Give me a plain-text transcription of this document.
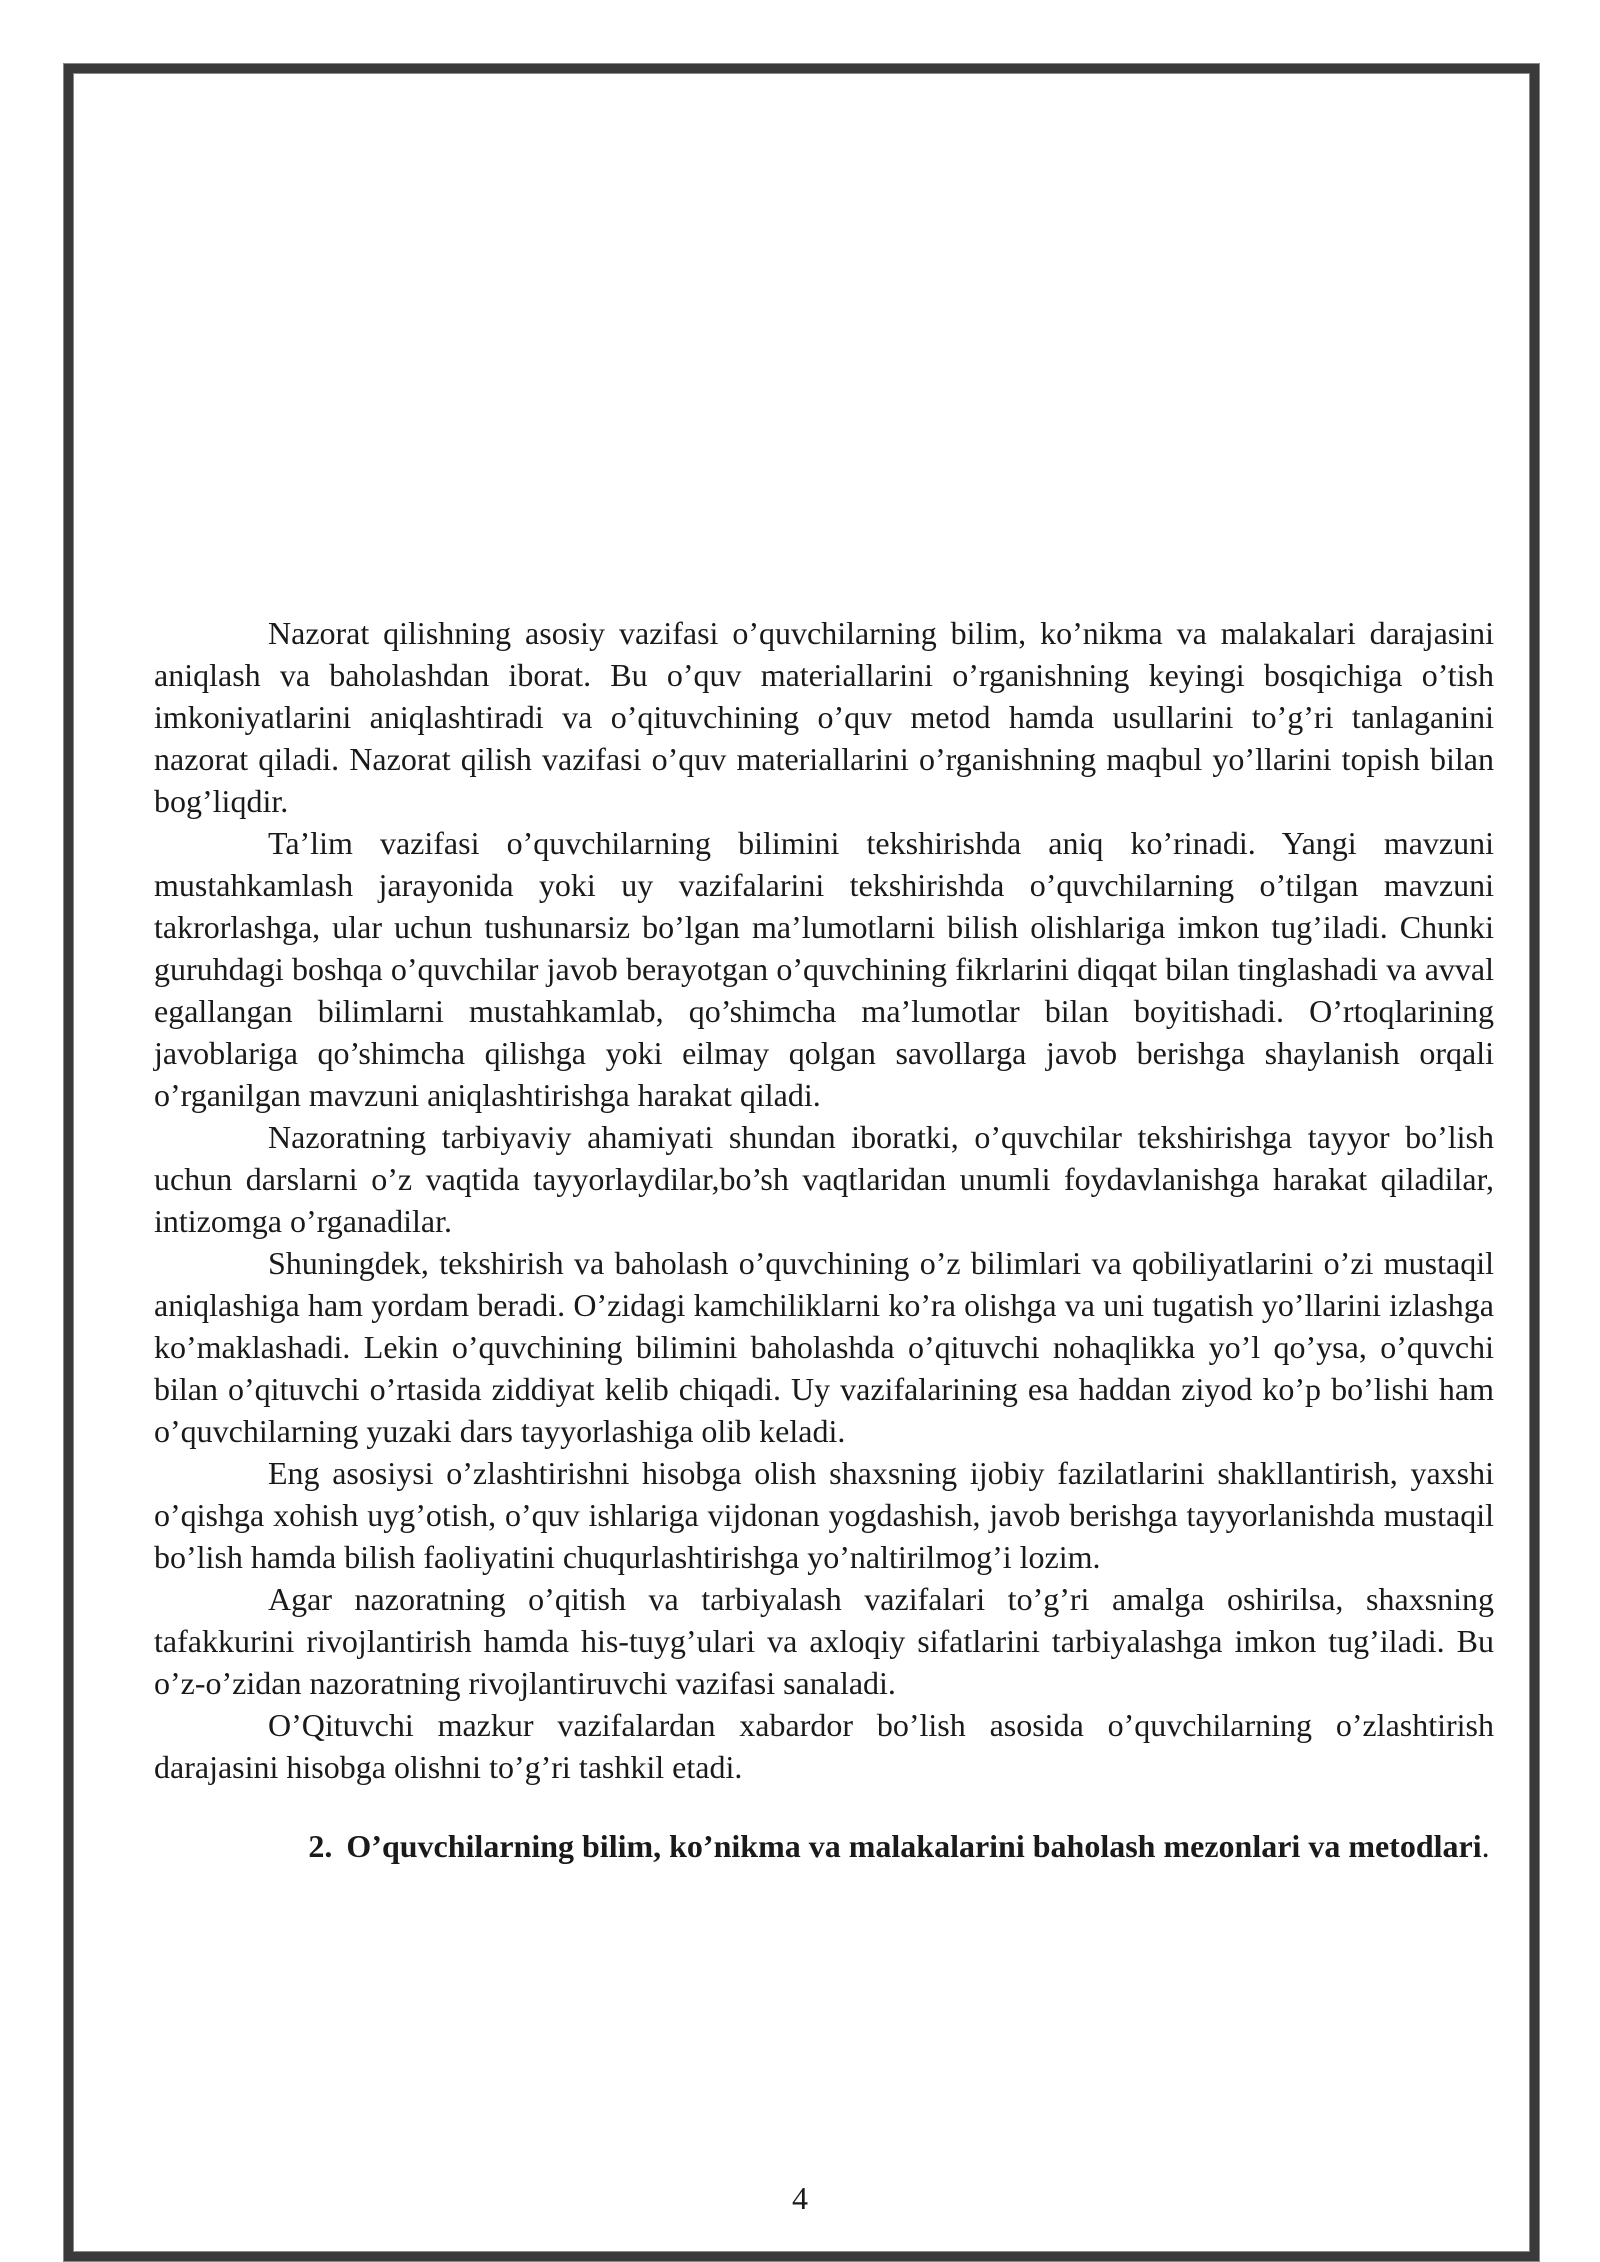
Nazorat qilishning asosiy vazifasi o’quvchilarning bilim, ko’nikma va malakalari darajasini aniqlash va baholashdan iborat. Bu o’quv materiallarini o’rganishning keyingi bosqichiga o’tish imkoniyatlarini aniqlashtiradi va o’qituvchining o’quv metod hamda usullarini to’g’ri tanlaganini nazorat qiladi. Nazorat qilish vazifasi o’quv materiallarini o’rganishning maqbul yo’llarini topish bilan bog’liqdir.

Ta’lim vazifasi o’quvchilarning bilimini tekshirishda aniq ko’rinadi. Yangi mavzuni mustahkamlash jarayonida yoki uy vazifalarini tekshirishda o’quvchilarning o’tilgan mavzuni takrorlashga, ular uchun tushunarsiz bo’lgan ma’lumotlarni bilish olishlariga imkon tug’iladi. Chunki guruhdagi boshqa o’quvchilar javob berayotgan o’quvchining fikrlarini diqqat bilan tinglashadi va avval egallangan bilimlarni mustahkamlab, qo’shimcha ma’lumotlar bilan boyitishadi. O’rtoqlarining javoblariga qo’shimcha qilishga yoki eilmay qolgan savollarga javob berishga shaylanish orqali o’rganilgan mavzuni aniqlashtirishga harakat qiladi.

Nazoratning tarbiyaviy ahamiyati shundan iboratki, o’quvchilar tekshirishga tayyor bo’lish uchun darslarni o’z vaqtida tayyorlaydilar,bo’sh vaqtlaridan unumli foydavlanishga harakat qiladilar, intizomga o’rganadilar.

Shuningdek, tekshirish va baholash o’quvchining o’z bilimlari va qobiliyatlarini o’zi mustaqil aniqlashiga ham yordam beradi. O’zidagi kamchiliklarni ko’ra olishga va uni tugatish yo’llarini izlashga ko’maklashadi. Lekin o’quvchining bilimini baholashda o’qituvchi nohaqlikka yo’l qo’ysa, o’quvchi bilan o’qituvchi o’rtasida ziddiyat kelib chiqadi. Uy vazifalarining esa haddan ziyod ko’p bo’lishi ham o’quvchilarning yuzaki dars tayyorlashiga olib keladi.

Eng asosiysi o’zlashtirishni hisobga olish shaxsning ijobiy fazilatlarini shakllantirish, yaxshi o’qishga xohish uyg’otish, o’quv ishlariga vijdonan yogdashish, javob berishga tayyorlanishda mustaqil bo’lish hamda bilish faoliyatini chuqurlashtirishga yo’naltirilmog’i lozim.

Agar nazoratning o’qitish va tarbiyalash vazifalari to’g’ri amalga oshirilsa, shaxsning tafakkurini rivojlantirish hamda his-tuyg’ulari va axloqiy sifatlarini tarbiyalashga imkon tug’iladi. Bu o’z-o’zidan nazoratning rivojlantiruvchi vazifasi sanaladi.

O’Qituvchi mazkur vazifalardan xabardor bo’lish asosida o’quvchilarning o’zlashtirish darajasini hisobga olishni to’g’ri tashkil etadi.

2. O’quvchilarning bilim, ko’nikma va malakalarini baholash mezonlari va metodlari.
4
